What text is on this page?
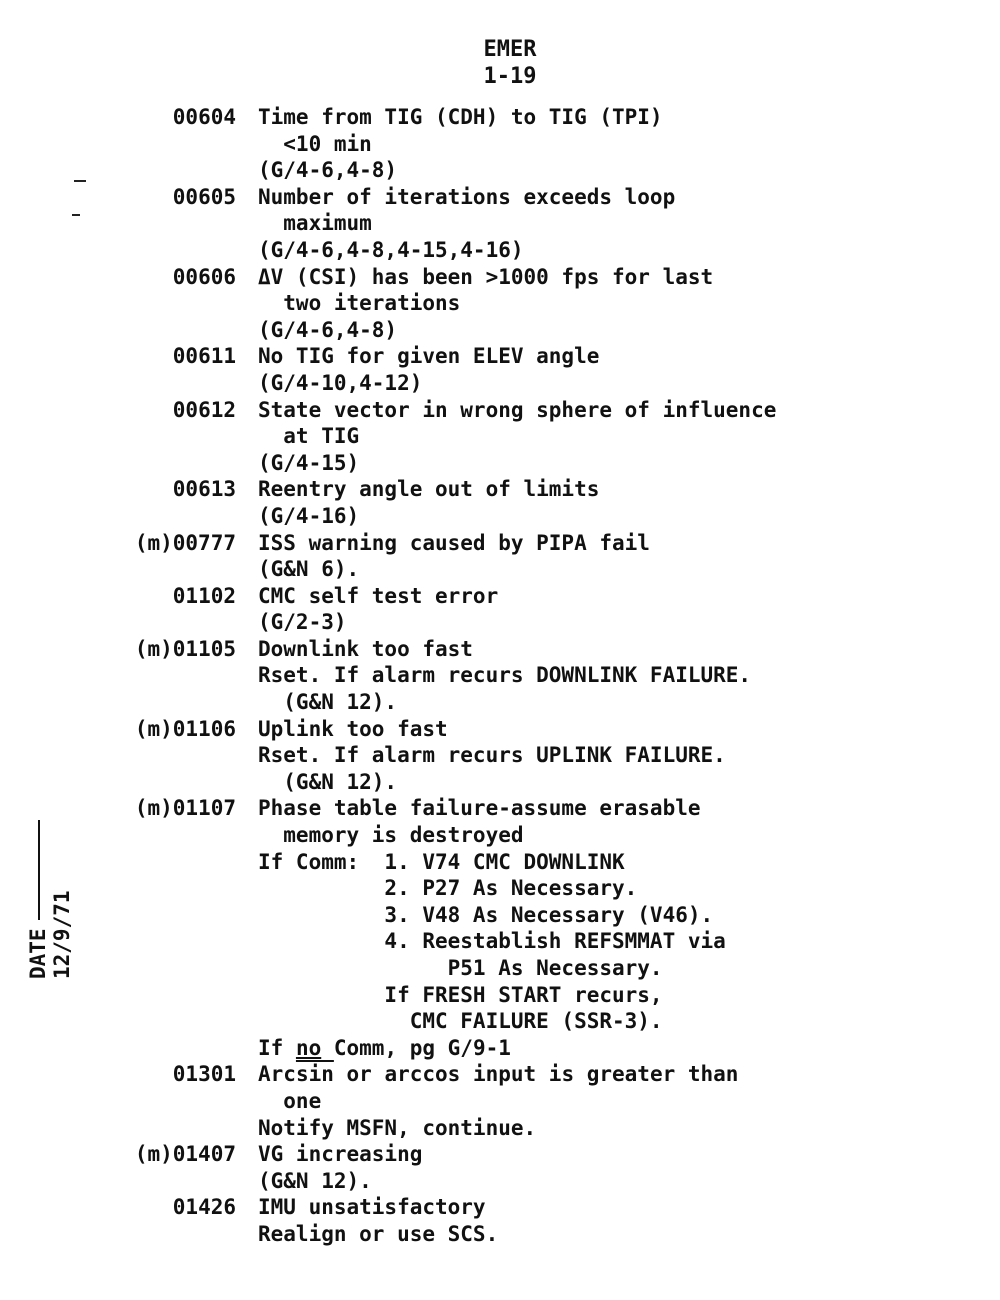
EMER
1-19
00604
00605
00606
00611
00612
00613
(m)00777
01102
(m)01105
(m)01106
(m)01107
01301
(m)01407
01426
Time from TIG (CDH) to TIG (TPI)
<10 min
(G/4-6,4-8)
Number of iterations exceeds loop
maximum
(G/4-6,4-8,4-15,4-16)
ΔV (CSI) has been >1000 fps for last
two iterations
(G/4-6,4-8)
No TIG for given ELEV angle
(G/4-10,4-12)
State vector in wrong sphere of influence
at TIG
(G/4-15)
Reentry angle out of limits
(G/4-16)
ISS warning caused by PIPA fail
(G&N 6).
CMC self test error
(G/2-3)
Downlink too fast
Rset. If alarm recurs DOWNLINK FAILURE.
(G&N 12).
Uplink too fast
Rset. If alarm recurs UPLINK FAILURE.
(G&N 12).
Phase table failure-assume erasable
memory is destroyed
If Comm:  1. V74 CMC DOWNLINK
2. P27 As Necessary.
3. V48 As Necessary (V46).
4. Reestablish REFSMMAT via
P51 As Necessary.
If FRESH START recurs,
CMC FAILURE (SSR-3).
If no Comm, pg G/9-1
$Arc\overline{sin}$ or arccos input is greater than
one
Notify MSFN, continue.
VG increasing
(G&N 12).
IMU unsatisfactory
Realign or use SCS.
DATE12/9/71
